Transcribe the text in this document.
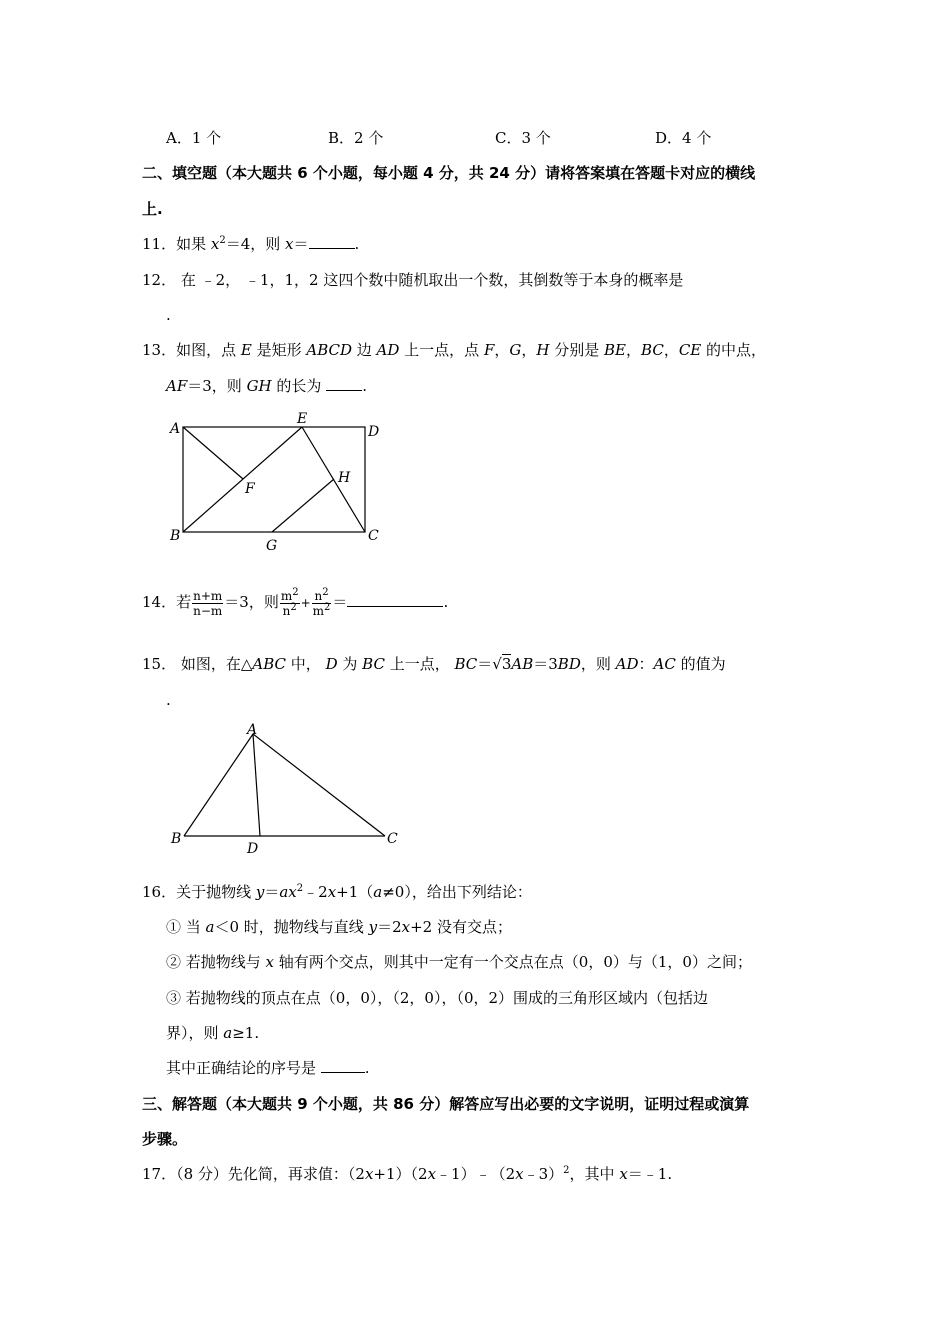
A．1 个	B．2 个	C．3 个	D．4 个
二、填空题（本大题共 6 个小题，每小题 4 分，共 24 分）请将答案填在答题卡对应的横线
上.
11．如果 $x^2=4$，则 x＝	.
12． 在 ﹣2， ﹣1，1，2 这四个数中随机取出一个数，其倒数等于本身的概率是
.
13．如图，点 E 是矩形 ABCD 边 AD 上一点，点 F，G，H 分别是 BE，BC，CE 的中点，
AF＝3，则 GH 的长为 .
A
B	C
D
E
F
G
H
14．若 $\frac{n+m}{n-m} =3$，则 $\frac{m^2}{n^2} + \frac{n^2}{m^2}$ ＝	.
15． 如图，在△ABC 中， D 为 BC 上一点， BC＝√3AB＝3BD，则 AD：AC 的值为
.
A
B	C
D
16．关于抛物线 $y=ax^2﹣2x+1(a\ne 0)$，给出下列结论：
① 当 a＜0 时，抛物线与直线 y＝2x+2 没有交点；
② 若抛物线与 x 轴有两个交点，则其中一定有一个交点在点（0，0）与（1，0）之间；
③ 若抛物线的顶点在点（0，0），（2，0），（0，2）围成的三角形区域内（包括边
界），则 a≥1.
其中正确结论的序号是	.
三、解答题（本大题共 9 个小题，共 86 分）解答应写出必要的文字说明，证明过程或演算
步骤。
17．（8 分）先化简，再求值：（2x+1）（2x﹣1）﹣（2x﹣3）$^2$，其中 x＝﹣1.
